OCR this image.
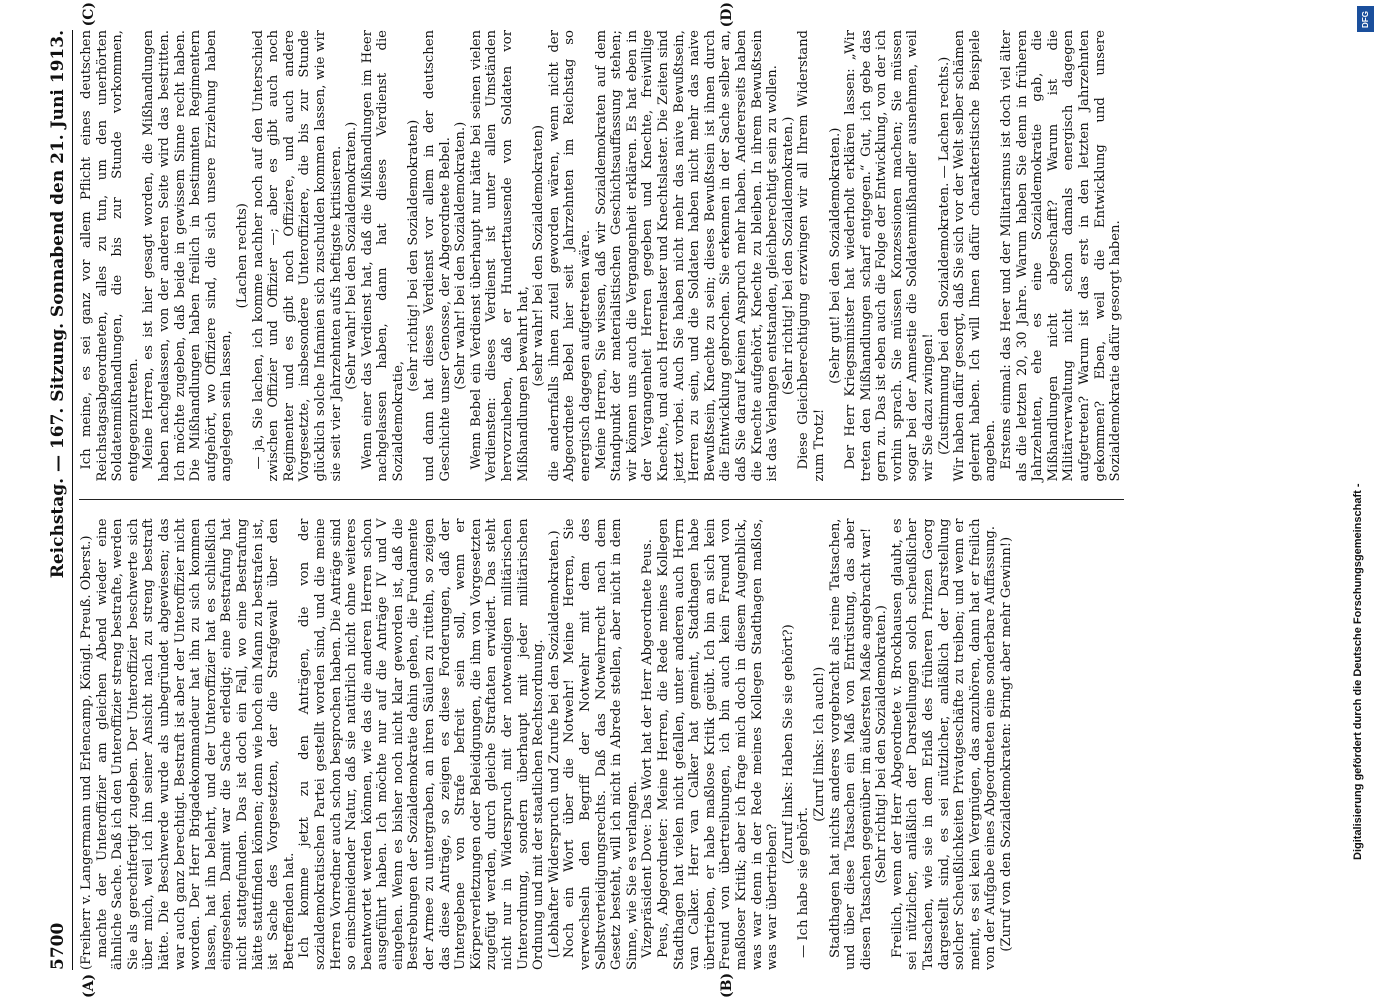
5700
Reichstag. — 167. Sitzung. Sonnabend den 21. Juni 1913.
(A)	(B)
(C)	(D)

(Freiherr v. Langermann und Erlencamp, Königl. Preuß. Oberst.) machte der Unteroffizier am gleichen Abend wieder eine ähnliche Sache. Daß ich den Unteroffizier streng bestrafte, werden Sie als gerechtfertigt zugeben. Der Unteroffizier beschwerte sich über mich, weil ich ihn seiner Ansicht nach zu streng bestraft hätte. Die Beschwerde wurde als unbegründet abgewiesen; das war auch ganz berechtigt. Bestraft ist aber der Unteroffizier nicht worden. Der Herr Brigadekommandeur hat ihn zu sich kommen lassen, hat ihn belehrt, und der Unteroffizier hat es schließlich eingesehen. Damit war die Sache erledigt; eine Bestrafung hat nicht stattgefunden. Das ist doch ein Fall, wo eine Bestrafung hätte stattfinden können; denn wie hoch ein Mann zu bestrafen ist, ist Sache des Vorgesetzten, der die Strafgewalt über den Betreffenden hat. Ich komme jetzt zu den Anträgen, die von der sozialdemokratischen Partei gestellt worden sind, und die meine Herren Vorredner auch schon besprochen haben. Die Anträge sind so einschneidender Natur, daß sie natürlich nicht ohne weiteres beantwortet werden können, wie das die anderen Herren schon ausgeführt haben. Ich möchte nur auf die Anträge IV und V eingehen. Wenn es bisher noch nicht klar geworden ist, daß die Bestrebungen der Sozialdemokratie dahin gehen, die Fundamente der Armee zu untergraben, an ihren Säulen zu rütteln, so zeigen das diese Anträge, so zeigen es diese Forderungen, daß der Untergebene von Strafe befreit sein soll, wenn er Körperverletzungen oder Beleidigungen, die ihm von Vorgesetzten zugefügt werden, durch gleiche Straftaten erwidert. Das steht nicht nur in Widerspruch mit der notwendigen militärischen Unterordnung, sondern überhaupt mit jeder militärischen Ordnung und mit der staatlichen Rechtsordnung. (Lebhafter Widerspruch und Zurufe bei den Sozialdemokraten.) Noch ein Wort über die Notwehr! Meine Herren, Sie verwechseln den Begriff der Notwehr mit dem des Selbstverteidigungsrechts. Daß das Notwehrrecht nach dem Gesetz besteht, will ich nicht in Abrede stellen, aber nicht in dem Sinne, wie Sie es verlangen. Vizepräsident Dove: Das Wort hat der Herr Abgeordnete Peus. Peus, Abgeordneter: Meine Herren, die Rede meines Kollegen Stadthagen hat vielen nicht gefallen, unter anderen auch Herrn van Calker. Herr van Calker hat gemeint, Stadthagen habe übertrieben, er habe maßlose Kritik geübt. Ich bin an sich kein Freund von übertreibungen, ich bin auch kein Freund von maßloser Kritik; aber ich frage mich doch in diesem Augenblick, was war denn in der Rede meines Kollegen Stadthagen maßlos, was war übertrieben?

(Zuruf links: Haben Sie sie gehört?)

— Ich habe sie gehört.

(Zuruf links: Ich auch!) Stadthagen hat nichts anderes vorgebracht als reine Tatsachen, und über diese Tatsachen ein Maß von Entrüstung, das aber diesen Tatsachen gegenüber im äußersten Maße angebracht war! (Sehr richtig! bei den Sozialdemokraten.) Freilich, wenn der Herr Abgeordnete v. Brockhausen glaubt, es sei nützlicher, anläßlich der Darstellungen solch scheußlicher Tatsachen, wie sie in dem Erlaß des früheren Prinzen Georg dargestellt sind, es sei nützlicher, anläßlich der Darstellung solcher Scheußlichkeiten Privatgeschäfte zu treiben; und wenn er meint, es sei kein Vergnügen, das anzuhören, dann hat er freilich von der Aufgabe eines Abgeordneten eine sonderbare Auffassung. (Zuruf von den Sozialdemokraten: Bringt aber mehr Gewinn!)

Ich meine, es sei ganz vor allem Pflicht eines deutschen Reichstagsabgeordneten, alles zu tun, um den unerhörten Soldatenmißhandlungen, die bis zur Stunde vorkommen, entgegenzutreten. Meine Herren, es ist hier gesagt worden, die Mißhandlungen haben nachgelassen, von der anderen Seite wird das bestritten. Ich möchte zugeben, daß beide in gewissem Sinne recht haben. Die Mißhandlungen haben freilich in bestimmten Regimentern aufgehört, wo Offiziere sind, die sich unsere Erziehung haben angelegen sein lassen,

(Lachen rechts) — ja, Sie lachen, ich komme nachher noch auf den Unterschied zwischen Offizier und Offizier —; aber es gibt auch noch Regimenter und es gibt noch Offiziere, und auch andere Vorgesetzte, insbesondere Unteroffiziere, die bis zur Stunde glücklich solche Infamien sich zuschulden kommen lassen, wie wir sie seit vier Jahrzehnten aufs heftigste kritisieren. (Sehr wahr! bei den Sozialdemokraten.) Wenn einer das Verdienst hat, daß die Mißhandlungen im Heer nachgelassen haben, dann hat dieses Verdienst die Sozialdemokratie,

(sehr richtig! bei den Sozialdemokraten) und dann hat dieses Verdienst vor allem in der deutschen Geschichte unser Genosse, der Abgeordnete Bebel. (Sehr wahr! bei den Sozialdemokraten.) Wenn Bebel ein Verdienst überhaupt nur hätte bei seinen vielen Verdiensten: dieses Verdienst ist unter allen Umständen hervorzuheben, daß er Hunderttausende von Soldaten vor Mißhandlungen bewahrt hat, (sehr wahr! bei den Sozialdemokraten) die andernfalls ihnen zuteil geworden wären, wenn nicht der Abgeordnete Bebel hier seit Jahrzehnten im Reichstag so energisch dagegen aufgetreten wäre. Meine Herren, Sie wissen, daß wir Sozialdemokraten auf dem Standpunkt der materialistischen Geschichtsauffassung stehen; wir können uns auch die Vergangenheit erklären. Es hat eben in der Vergangenheit Herren gegeben und Knechte, freiwillige Knechte, und auch Herrenlaster und Knechtslaster. Die Zeiten sind jetzt vorbei. Auch Sie haben nicht mehr das naive Bewußtsein, Herren zu sein, und die Soldaten haben nicht mehr das naive Bewußtsein, Knechte zu sein; dieses Bewußtsein ist ihnen durch die Entwicklung gebrochen. Sie erkennen in der Sache selber an, daß Sie darauf keinen Anspruch mehr haben. Andererseits haben die Knechte aufgehört, Knechte zu bleiben. In ihrem Bewußtsein ist das Verlangen entstanden, gleichberechtigt sein zu wollen. (Sehr richtig! bei den Sozialdemokraten.) Diese Gleichberechtigung erzwingen wir all Ihrem Widerstand zum Trotz!

(Sehr gut! bei den Sozialdemokraten.) Der Herr Kriegsminister hat wiederholt erklären lassen: „Wir treten den Mißhandlungen scharf entgegen.“ Gut, ich gebe das gern zu. Das ist eben auch die Folge der Entwicklung, von der ich vorhin sprach. Sie müssen Konzessionen machen; Sie müssen sogar bei der Amnestie die Soldatenmißhandler ausnehmen, weil wir Sie dazu zwingen! (Zustimmung bei den Sozialdemokraten. — Lachen rechts.) Wir haben dafür gesorgt, daß Sie sich vor der Welt selber schämen gelernt haben. Ich will Ihnen dafür charakteristische Beispiele angeben. Erstens einmal: das Heer und der Militarismus ist doch viel älter als die letzten 20, 30 Jahre. Warum haben Sie denn in früheren Jahrzehnten, ehe es eine Sozialdemokratie gab, die Mißhandlungen nicht abgeschafft? Warum ist die Militärverwaltung nicht schon damals energisch dagegen aufgetreten? Warum ist das erst in den letzten Jahrzehnten gekommen? Eben, weil die Entwicklung und unsere Sozialdemokratie dafür gesorgt haben.

Digitalisierung gefördert durch die Deutsche Forschungsgemeinschaft -
DFG
